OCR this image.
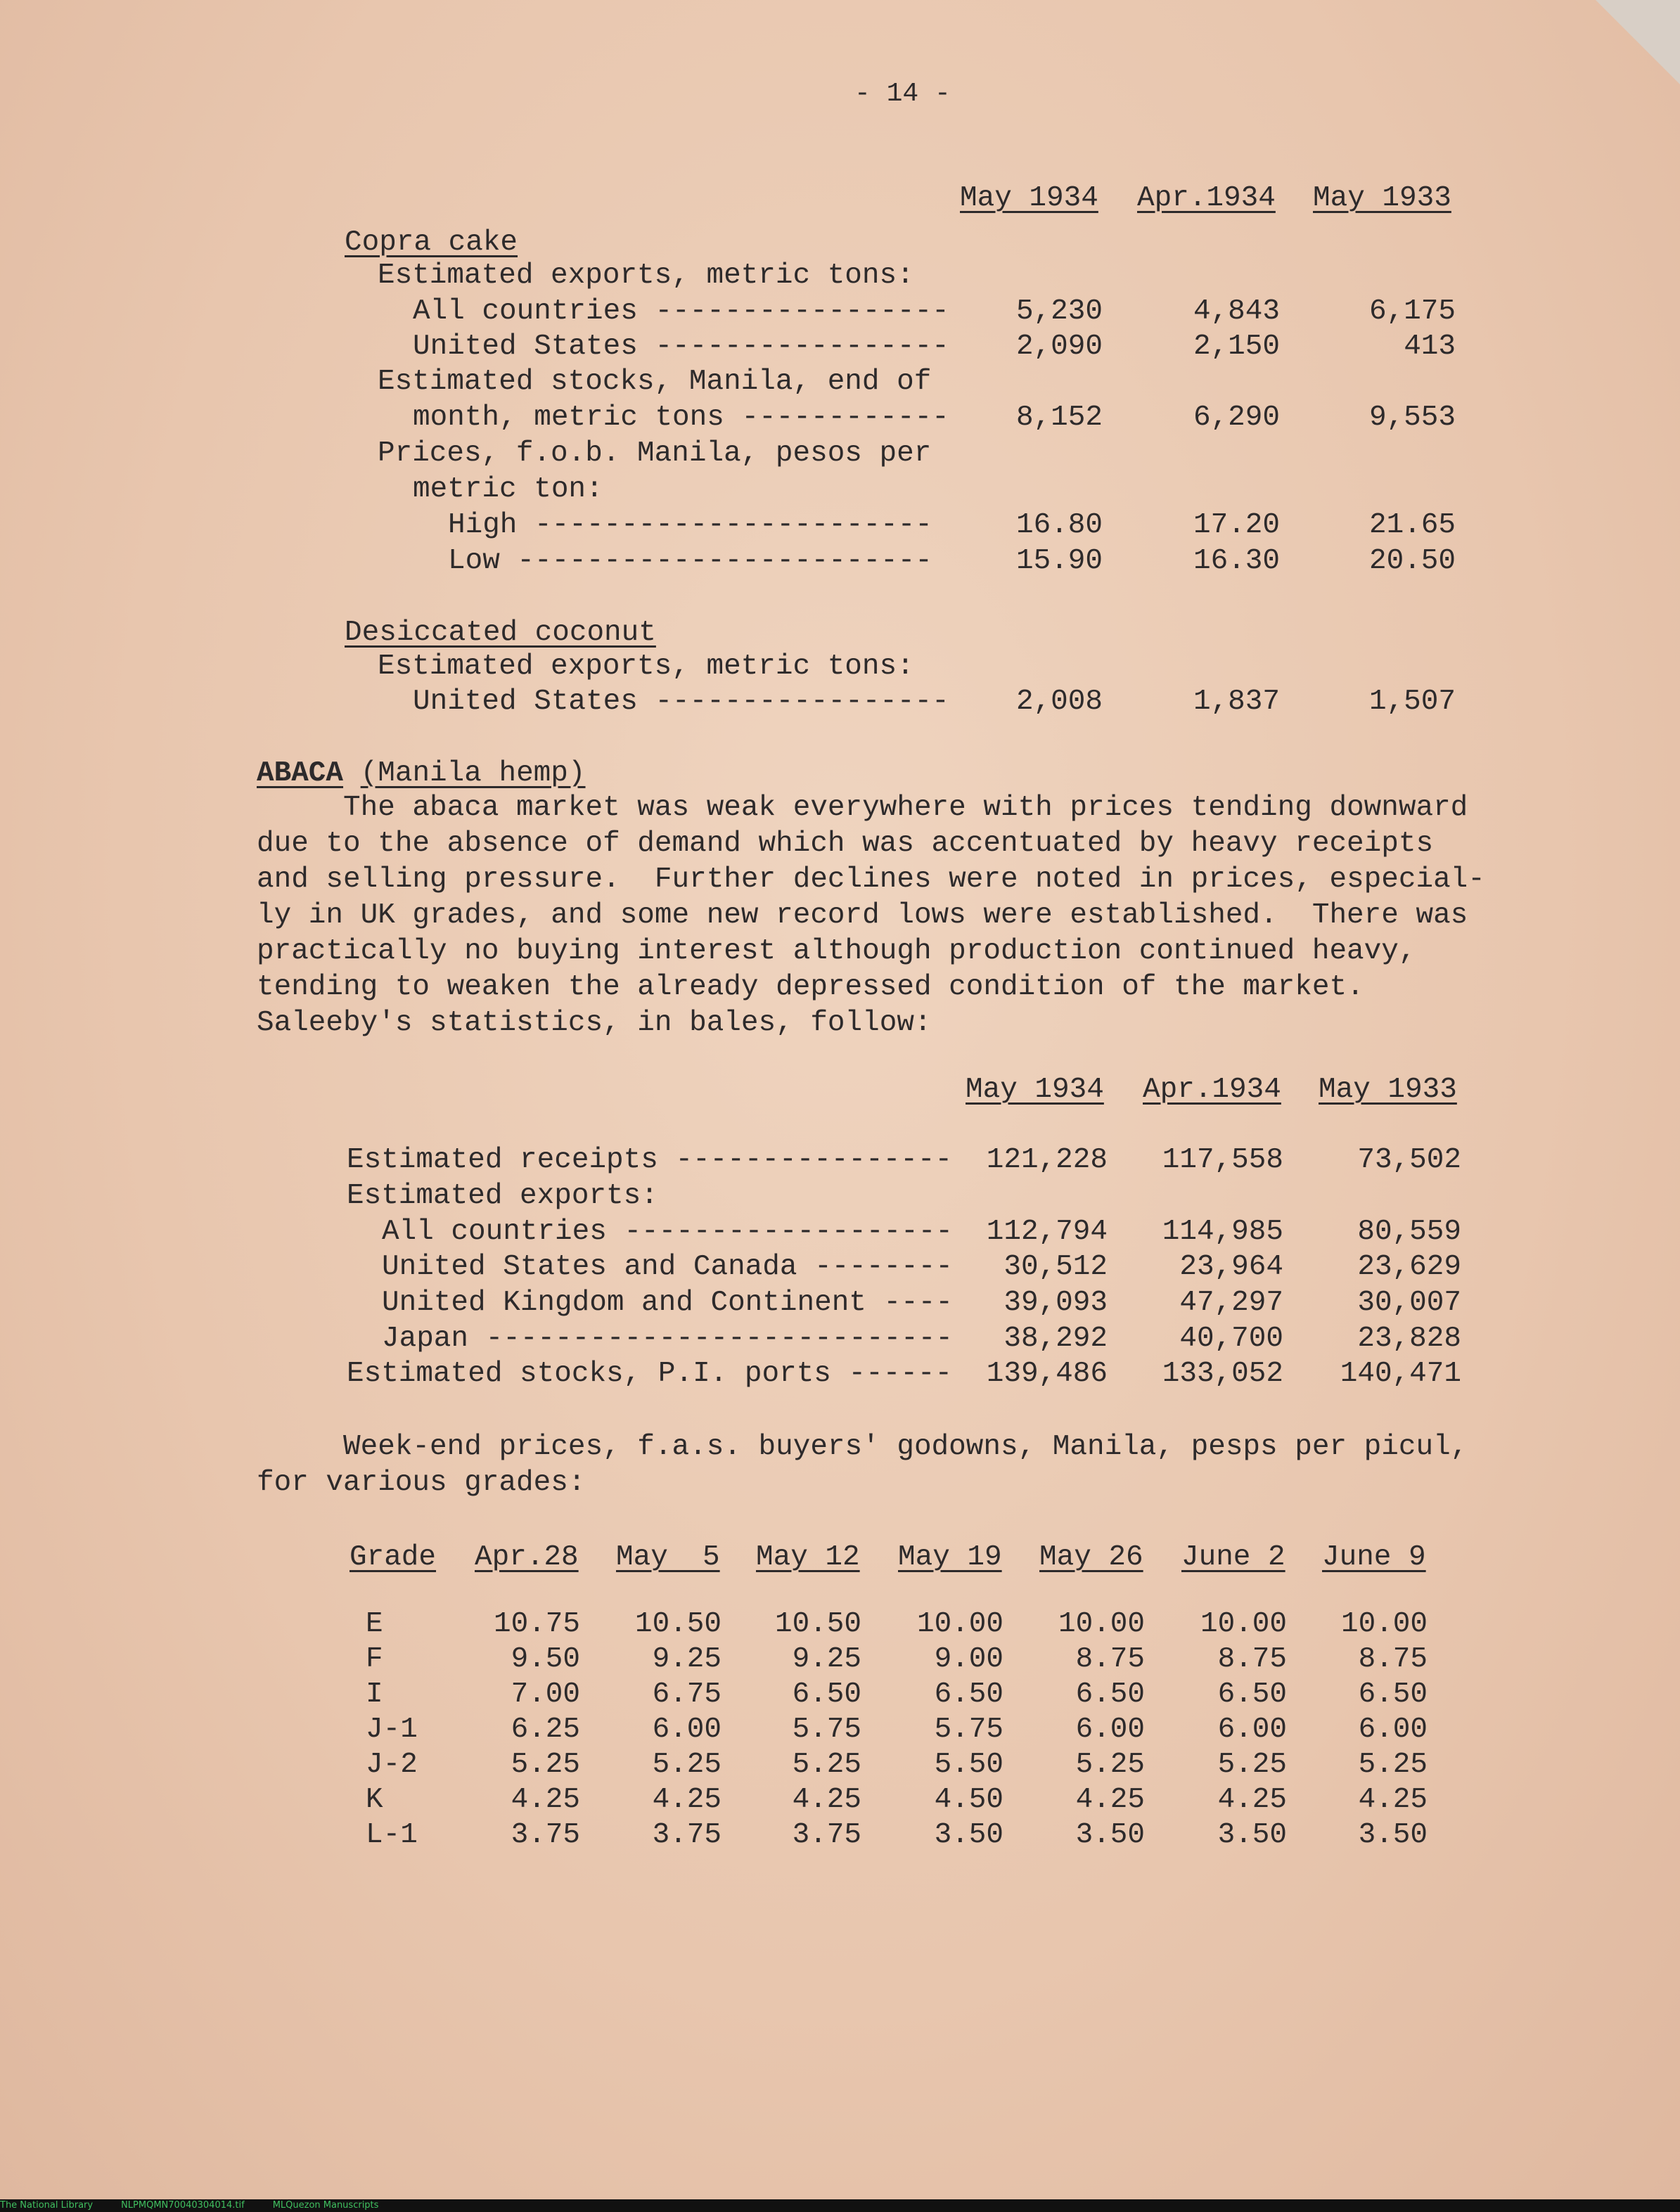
- 14 -
May 1934 Apr.1934 May 1933
Copra cake
Estimated exports, metric tons:
All countries -----------------	5,230	4,843	6,175
United States -----------------	2,090	2,150	413
Estimated stocks, Manila, end of
month, metric tons ------------	8,152	6,290	9,553
Prices, f.o.b. Manila, pesos per
metric ton:
High -----------------------	16.80	17.20	21.65
Low ------------------------	15.90	16.30	20.50
Desiccated coconut
Estimated exports, metric tons:
United States -----------------	2,008	1,837	1,507
ABACA (Manila hemp)
The abaca market was weak everywhere with prices tending downward
due to the absence of demand which was accentuated by heavy receipts
and selling pressure.  Further declines were noted in prices, especial-
ly in UK grades, and some new record lows were established.  There was
practically no buying interest although production continued heavy,
tending to weaken the already depressed condition of the market.
Saleeby's statistics, in bales, follow:
May 1934 Apr.1934 May 1933
Estimated receipts ----------------	121,228	117,558	73,502
Estimated exports:
All countries -------------------	112,794	114,985	80,559
United States and Canada --------	30,512	23,964	23,629
United Kingdom and Continent ----	39,093	47,297	30,007
Japan ---------------------------	38,292	40,700	23,828
Estimated stocks, P.I. ports ------	139,486	133,052	140,471
Week-end prices, f.a.s. buyers' godowns, Manila, pesps per picul,
for various grades:
Grade Apr.28 May  5 May 12 May 19 May 26 June 2 June 9
E	10.75	10.50	10.50	10.00	10.00	10.00	10.00
F	9.50	9.25	9.25	9.00	8.75	8.75	8.75
I	7.00	6.75	6.50	6.50	6.50	6.50	6.50
J-1	6.25	6.00	5.75	5.75	6.00	6.00	6.00
J-2	5.25	5.25	5.25	5.50	5.25	5.25	5.25
K	4.25	4.25	4.25	4.50	4.25	4.25	4.25
L-1	3.75	3.75	3.75	3.50	3.50	3.50	3.50
The National Library	NLPMQMN70040304014.tif	MLQuezon Manuscripts
